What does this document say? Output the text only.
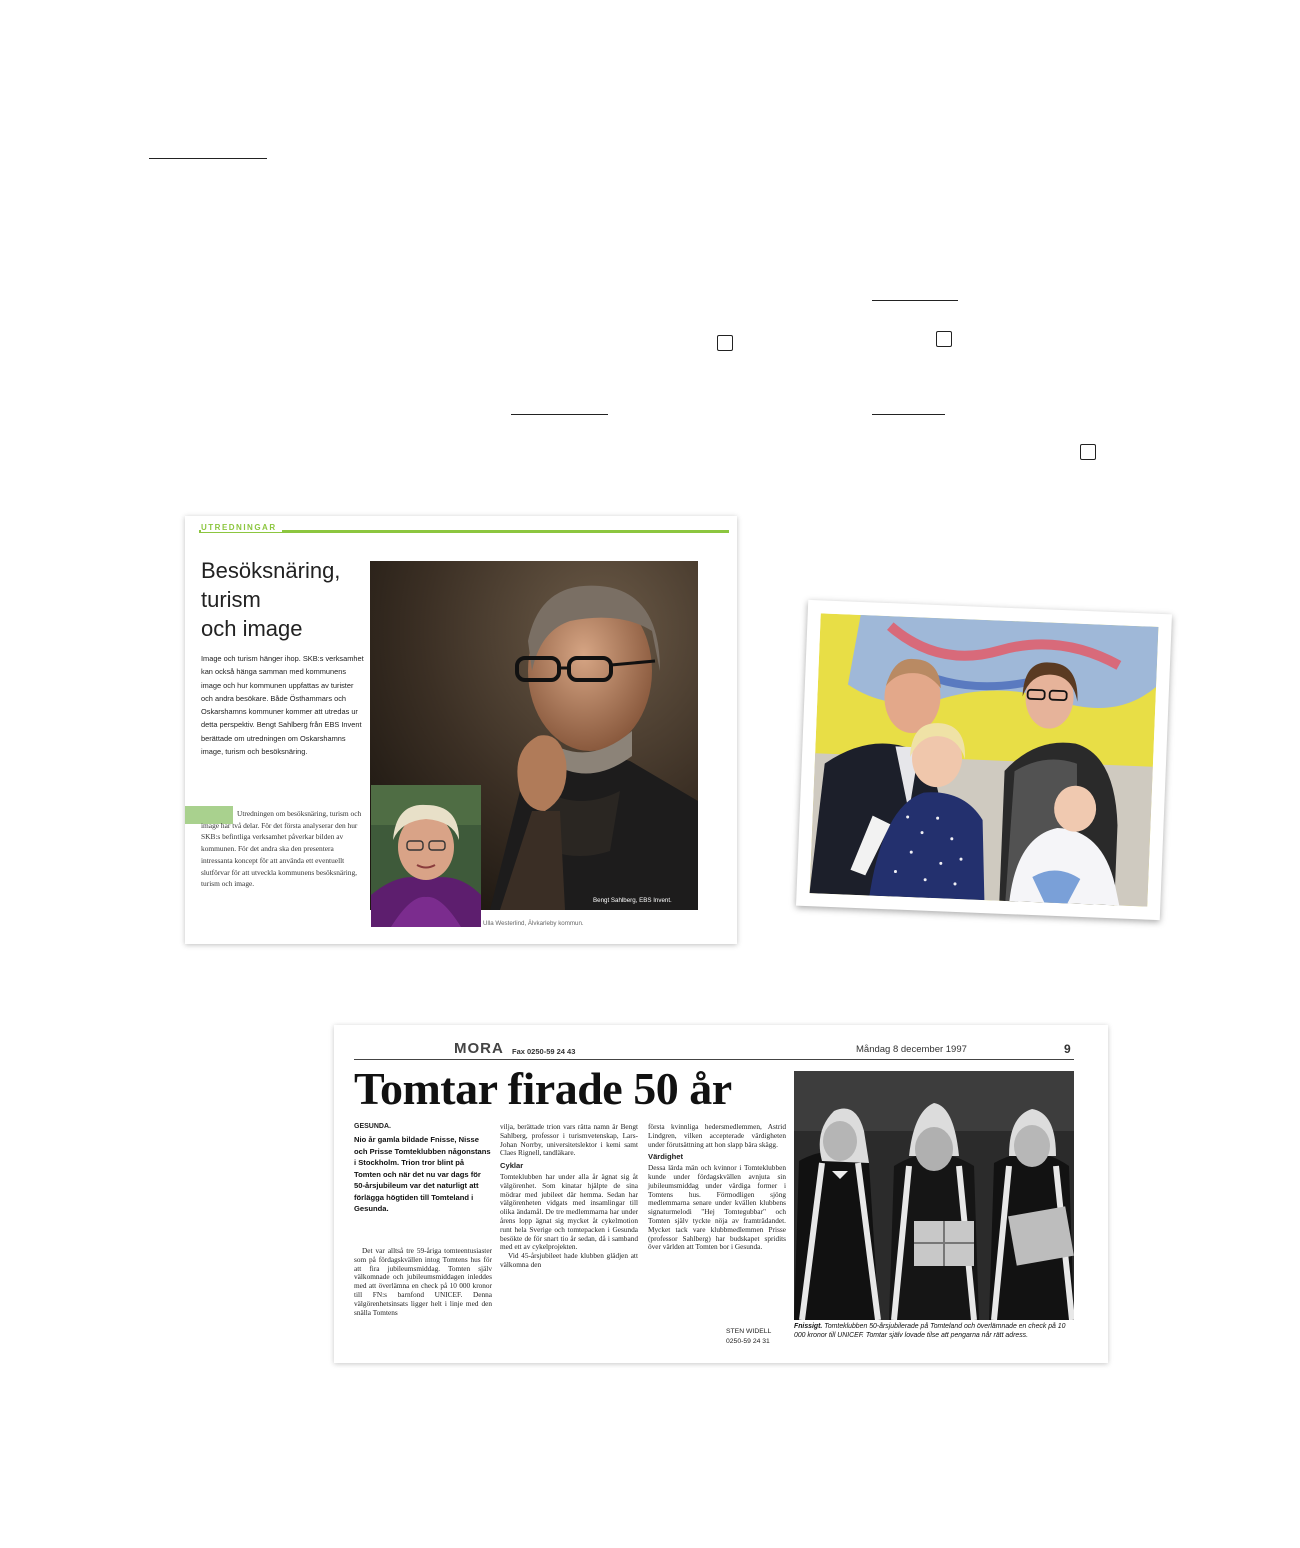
UTREDNINGAR
Besöksnäring,
turism
och image
Image och turism hänger ihop. SKB:s verksamhet kan också hänga samman med kommunens image och hur kommunen uppfattas av turister och andra besökare. Både Östhammars och Oskarshamns kommuner kommer att utredas ur detta perspektiv. Bengt Sahlberg från EBS Invent berättade om utredningen om Oskarshamns image, turism och besöksnäring.
Utredningen om besöksnäring, turism och image har två delar. För det första analyserar den hur SKB:s befintliga verksamhet påverkar bilden av kommunen. För det andra ska den presentera intressanta koncept för att använda ett eventuellt slutförvar för att utveckla kommunens besöksnäring, turism och image.
Bengt Sahlberg, EBS Invent.
Ulla Westerlind, Älvkarleby kommun.
MORA Fax 0250-59 24 43	Måndag 8 december 1997	9
Tomtar firade 50 år
GESUNDA.
Nio år gamla bildade Fnisse, Nisse och Prisse Tomteklubben någonstans i Stockholm. Trion tror blint på Tomten och när det nu var dags för 50-årsjubileum var det naturligt att förlägga högtiden till Tomteland i Gesunda.

Det var alltså tre 59-åriga tomteentusiaster som på fördagskvällen intog Tomtens hus för att fira jubileumsmiddag. Tomten själv välkomnade och jubileumsmiddagen inleddes med att överlämna en check på 10 000 kronor till FN:s barnfond UNICEF. Denna välgörenhetsinsats ligger helt i linje med den snälla Tomtens

vilja, berättade trion vars rätta namn är Bengt Sahlberg, professor i turismvetenskap, Lars-Johan Norrby, universitetslektor i kemi samt Claes Rignell, tandläkare.
Cyklar
Tomteklubben har under alla år ägnat sig åt välgörenhet. Som kinatar hjälpte de sina mödrar med jubileet där hemma. Sedan har välgörenheten vidgats med insamlingar till olika ändamål. De tre medlemmarna har under årens lopp ägnat sig mycket åt cykelmotion runt hela Sverige och tomtepacken i Gesunda besökte de för snart tio år sedan, då i samband med ett av cykelprojekten.

Vid 45-årsjubileet hade klubben glädjen att välkomna den

första kvinnliga hedersmedlemmen, Astrid Lindgren, vilken accepterade värdigheten under förutsättning att hon slapp bära skägg.
Värdighet
Dessa lärda män och kvinnor i Tomteklubben kunde under fördagskvällen avnjuta sin jubileumsmiddag under värdiga former i Tomtens hus. Förmodligen sjöng medlemmarna senare under kvällen klubbens signaturmelodi "Hej Tomtegubbar" och Tomten själv tyckte nöja av framträdandet. Mycket tack vare klubbmedlemmen Prisse (professor Sahlberg) har budskapet spridits över världen att Tomten bor i Gesunda.
STEN WIDELL
0250-59 24 31
Fnissigt. Tomteklubben 50-årsjubilerade på Tomteland och överlämnade en check på 10 000 kronor till UNICEF. Tomtar själv lovade tilse att pengarna når rätt adress.
